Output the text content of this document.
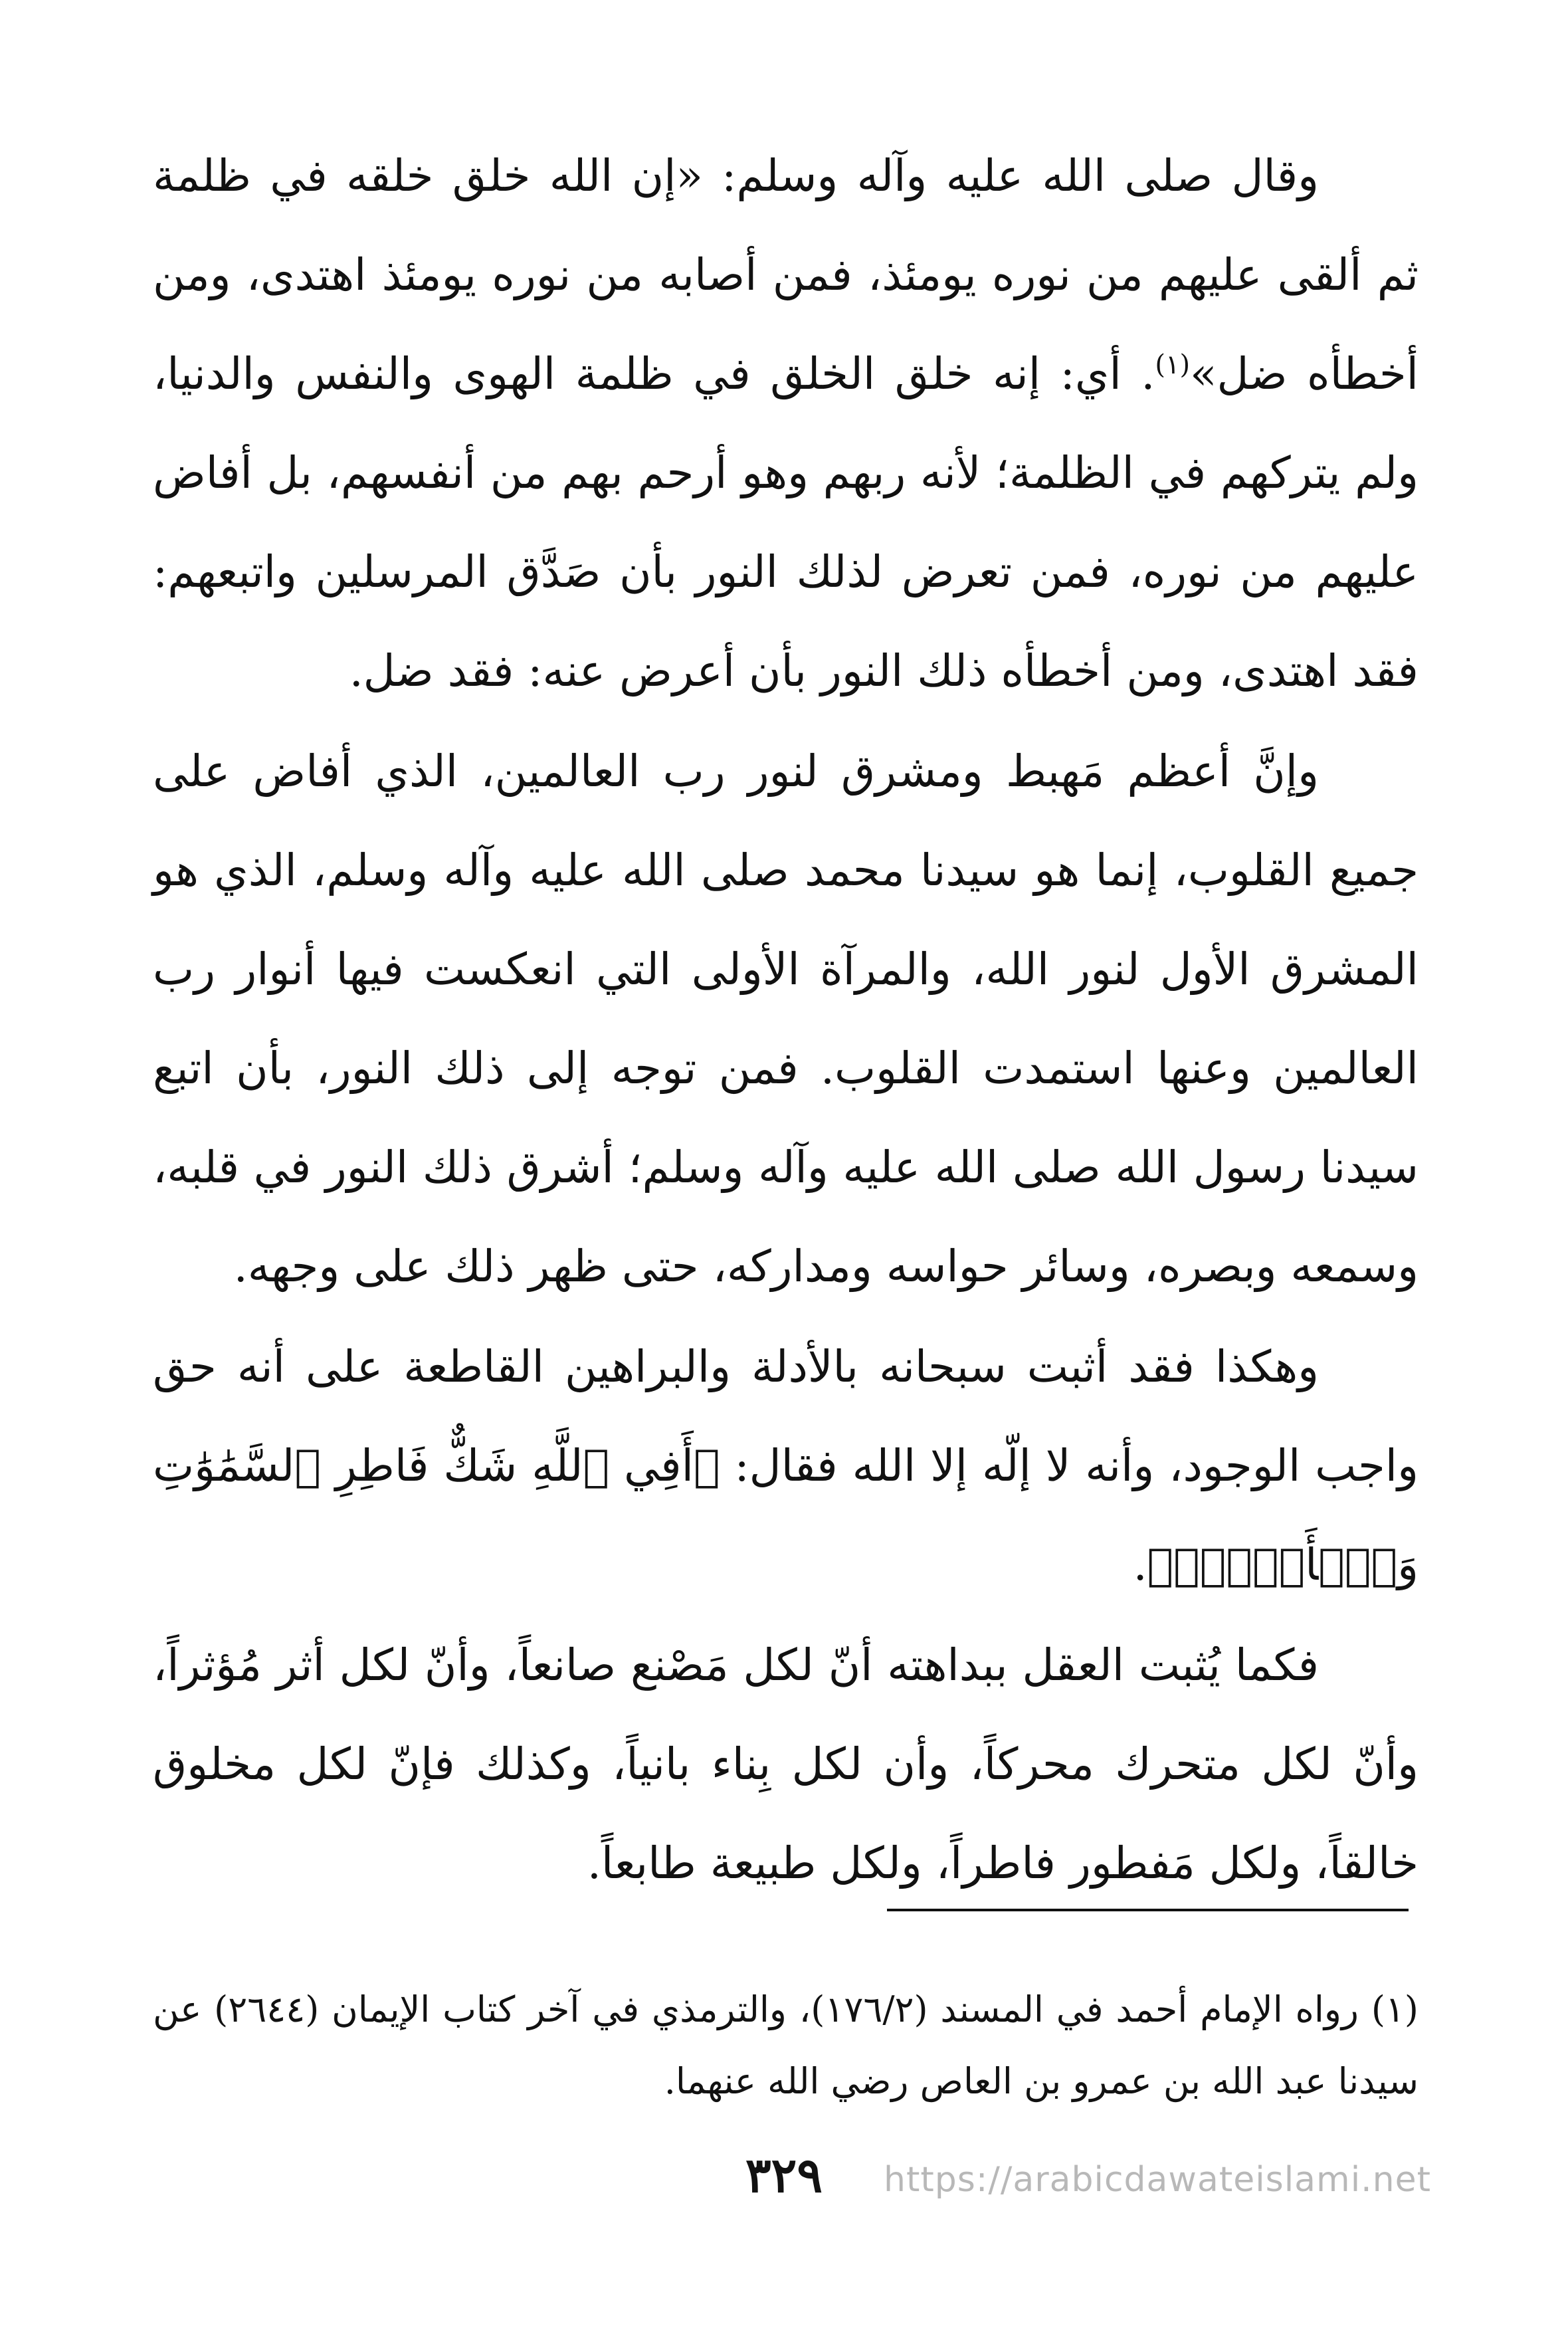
وقال صلى الله عليه وآله وسلم: «إن الله خلق خلقه في ظلمة ثم ألقى عليهم من نوره يومئذ، فمن أصابه من نوره يومئذ اهتدى، ومن أخطأه ضل»$^{(١)}$. أي: إنه خلق الخلق في ظلمة الهوى والنفس والدنيا، ولم يتركهم في الظلمة؛ لأنه ربهم وهو أرحم بهم من أنفسهم، بل أفاض عليهم من نوره، فمن تعرض لذلك النور بأن صَدَّق المرسلين واتبعهم: فقد اهتدى، ومن أخطأه ذلك النور بأن أعرض عنه: فقد ضل.

وإنَّ أعظم مَهبط ومشرق لنور رب العالمين، الذي أفاض على جميع القلوب، إنما هو سيدنا محمد صلى الله عليه وآله وسلم، الذي هو المشرق الأول لنور الله، والمرآة الأولى التي انعكست فيها أنوار رب العالمين وعنها استمدت القلوب. فمن توجه إلى ذلك النور، بأن اتبع سيدنا رسول الله صلى الله عليه وآله وسلم؛ أشرق ذلك النور في قلبه، وسمعه وبصره، وسائر حواسه ومداركه، حتى ظهر ذلك على وجهه.

وهكذا فقد أثبت سبحانه بالأدلة والبراهين القاطعة على أنه حق واجب الوجود، وأنه لا إلّه إلا الله فقال: ﴿أَفِي ٱللَّهِ شَكٌّ فَاطِرِ ٱلسَّمَٰوَٰتِ وَٱلۡأَرۡضِۖ﴾.

فكما يُثبت العقل ببداهته أنّ لكل مَصْنع صانعاً، وأنّ لكل أثر مُؤثراً، وأنّ لكل متحرك محركاً، وأن لكل بِناء بانياً، وكذلك فإنّ لكل مخلوق خالقاً، ولكل مَفطور فاطراً، ولكل طبيعة طابعاً.

(١) رواه الإمام أحمد في المسند (١٧٦/٢)، والترمذي في آخر كتاب الإيمان (٢٦٤٤) عن سيدنا عبد الله بن عمرو بن العاص رضي الله عنهما.

٣٢٩	https://arabicdawateislami.net
